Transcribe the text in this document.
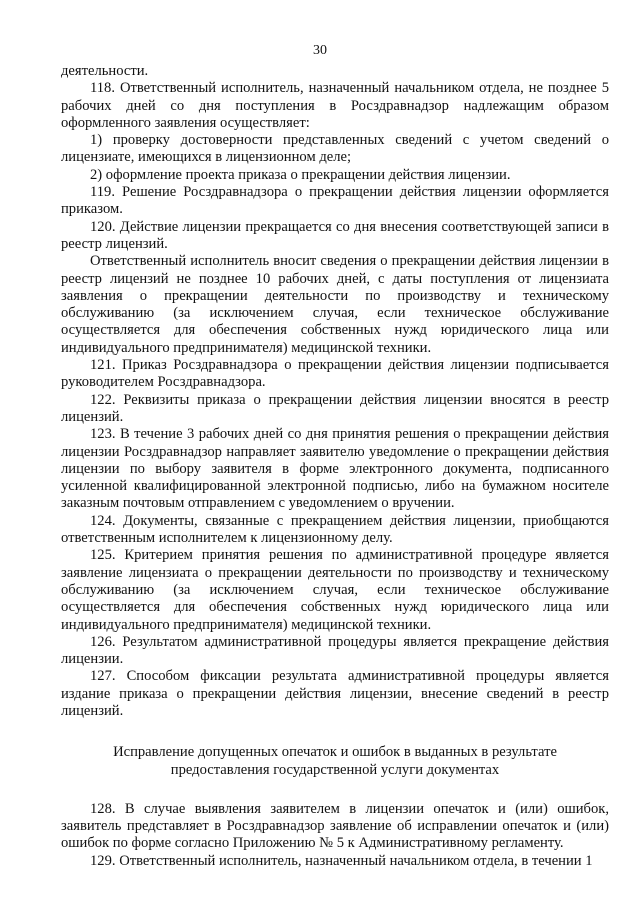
30

деятельности.

118. Ответственный исполнитель, назначенный начальником отдела, не позднее 5 рабочих дней со дня поступления в Росздравнадзор надлежащим образом оформленного заявления осуществляет:

1) проверку достоверности представленных сведений с учетом сведений о лицензиате, имеющихся в лицензионном деле;

2) оформление проекта приказа о прекращении действия лицензии.

119. Решение Росздравнадзора о прекращении действия лицензии оформляется приказом.

120. Действие лицензии прекращается со дня внесения соответствующей записи в реестр лицензий.

Ответственный исполнитель вносит сведения о прекращении действия лицензии в реестр лицензий не позднее 10 рабочих дней, с даты поступления от лицензиата заявления о прекращении деятельности по производству и техническому обслуживанию (за исключением случая, если техническое обслуживание осуществляется для обеспечения собственных нужд юридического лица или индивидуального предпринимателя) медицинской техники.

121. Приказ Росздравнадзора о прекращении действия лицензии подписывается руководителем Росздравнадзора.

122. Реквизиты приказа о прекращении действия лицензии вносятся в реестр лицензий.

123. В течение 3 рабочих дней со дня принятия решения о прекращении действия лицензии Росздравнадзор направляет заявителю уведомление о прекращении действия лицензии по выбору заявителя в форме электронного документа, подписанного усиленной квалифицированной электронной подписью, либо на бумажном носителе заказным почтовым отправлением с уведомлением о вручении.

124. Документы, связанные с прекращением действия лицензии, приобщаются ответственным исполнителем к лицензионному делу.

125. Критерием принятия решения по административной процедуре является заявление лицензиата о прекращении деятельности по производству и техническому обслуживанию (за исключением случая, если техническое обслуживание осуществляется для обеспечения собственных нужд юридического лица или индивидуального предпринимателя) медицинской техники.

126. Результатом административной процедуры является прекращение действия лицензии.

127. Способом фиксации результата административной процедуры является издание приказа о прекращении действия лицензии, внесение сведений в реестр лицензий.

Исправление допущенных опечаток и ошибок в выданных в результате предоставления государственной услуги документах

128. В случае выявления заявителем в лицензии опечаток и (или) ошибок, заявитель представляет в Росздравнадзор заявление об исправлении опечаток и (или) ошибок по форме согласно Приложению № 5 к Административному регламенту.

129. Ответственный исполнитель, назначенный начальником отдела, в течении 1
